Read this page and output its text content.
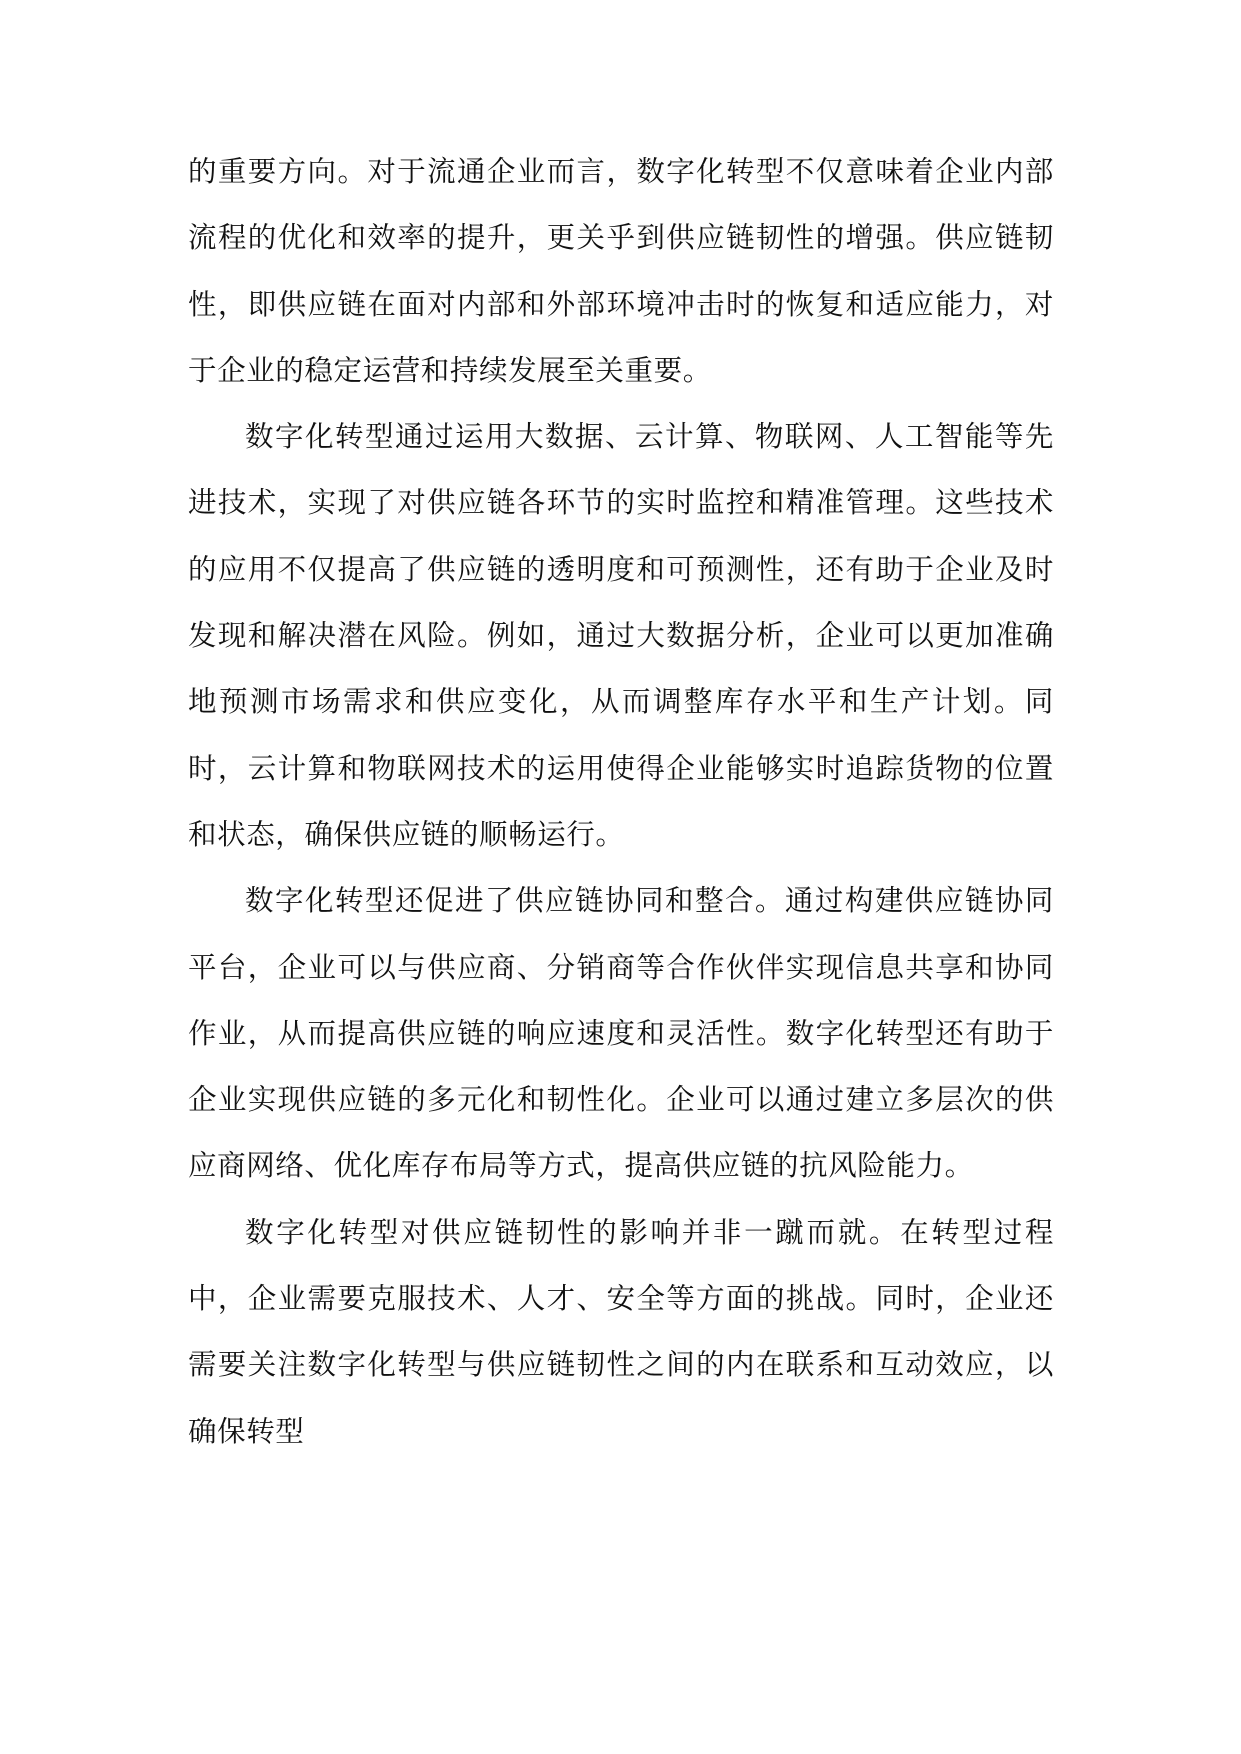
的重要方向。对于流通企业而言，数字化转型不仅意味着企业内部流程的优化和效率的提升，更关乎到供应链韧性的增强。供应链韧性，即供应链在面对内部和外部环境冲击时的恢复和适应能力，对于企业的稳定运营和持续发展至关重要。

数字化转型通过运用大数据、云计算、物联网、人工智能等先进技术，实现了对供应链各环节的实时监控和精准管理。这些技术的应用不仅提高了供应链的透明度和可预测性，还有助于企业及时发现和解决潜在风险。例如，通过大数据分析，企业可以更加准确地预测市场需求和供应变化，从而调整库存水平和生产计划。同时，云计算和物联网技术的运用使得企业能够实时追踪货物的位置和状态，确保供应链的顺畅运行。

数字化转型还促进了供应链协同和整合。通过构建供应链协同平台，企业可以与供应商、分销商等合作伙伴实现信息共享和协同作业，从而提高供应链的响应速度和灵活性。数字化转型还有助于企业实现供应链的多元化和韧性化。企业可以通过建立多层次的供应商网络、优化库存布局等方式，提高供应链的抗风险能力。

数字化转型对供应链韧性的影响并非一蹴而就。在转型过程中，企业需要克服技术、人才、安全等方面的挑战。同时，企业还需要关注数字化转型与供应链韧性之间的内在联系和互动效应，以确保转型
